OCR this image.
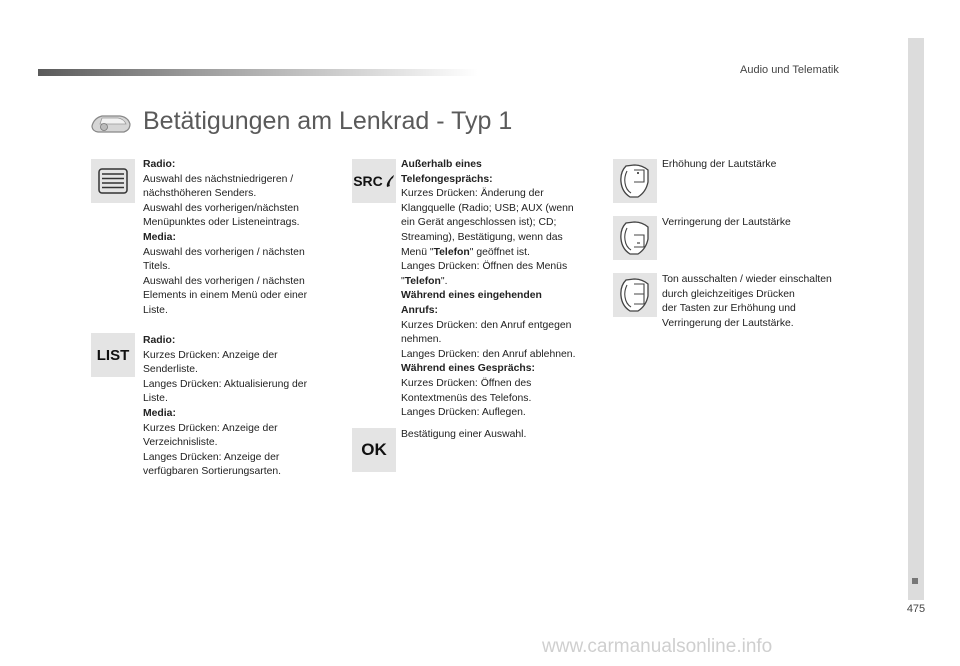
Audio und Telematik
475
Betätigungen am Lenkrad - Typ 1
LIST
SRC
OK

Radio:

Auswahl des nächstniedrigeren /

nächsthöheren Senders.

Auswahl des vorherigen/nächsten

Menüpunktes oder Listeneintrags.

Media:

Auswahl des vorherigen / nächsten

Titels.

Auswahl des vorherigen / nächsten

Elements in einem Menü oder einer

Liste.

Radio:

Kurzes Drücken: Anzeige der

Senderliste.

Langes Drücken: Aktualisierung der

Liste.

Media:

Kurzes Drücken: Anzeige der

Verzeichnisliste.

Langes Drücken: Anzeige der

verfügbaren Sortierungsarten.

Außerhalb eines

Telefongesprächs:

Kurzes Drücken: Änderung der

Klangquelle (Radio; USB; AUX (wenn

ein Gerät angeschlossen ist); CD;

Streaming), Bestätigung, wenn das

Menü "Telefon" geöffnet ist.

Langes Drücken: Öffnen des Menüs

"Telefon".

Während eines eingehenden

Anrufs:

Kurzes Drücken: den Anruf entgegen

nehmen.

Langes Drücken: den Anruf ablehnen.

Während eines Gesprächs:

Kurzes Drücken: Öffnen des

Kontextmenüs des Telefons.

Langes Drücken: Auflegen.

Bestätigung einer Auswahl.

Erhöhung der Lautstärke

Verringerung der Lautstärke

Ton ausschalten / wieder einschalten

durch gleichzeitiges Drücken

der Tasten zur Erhöhung und

Verringerung der Lautstärke.

www.carmanualsonline.info
